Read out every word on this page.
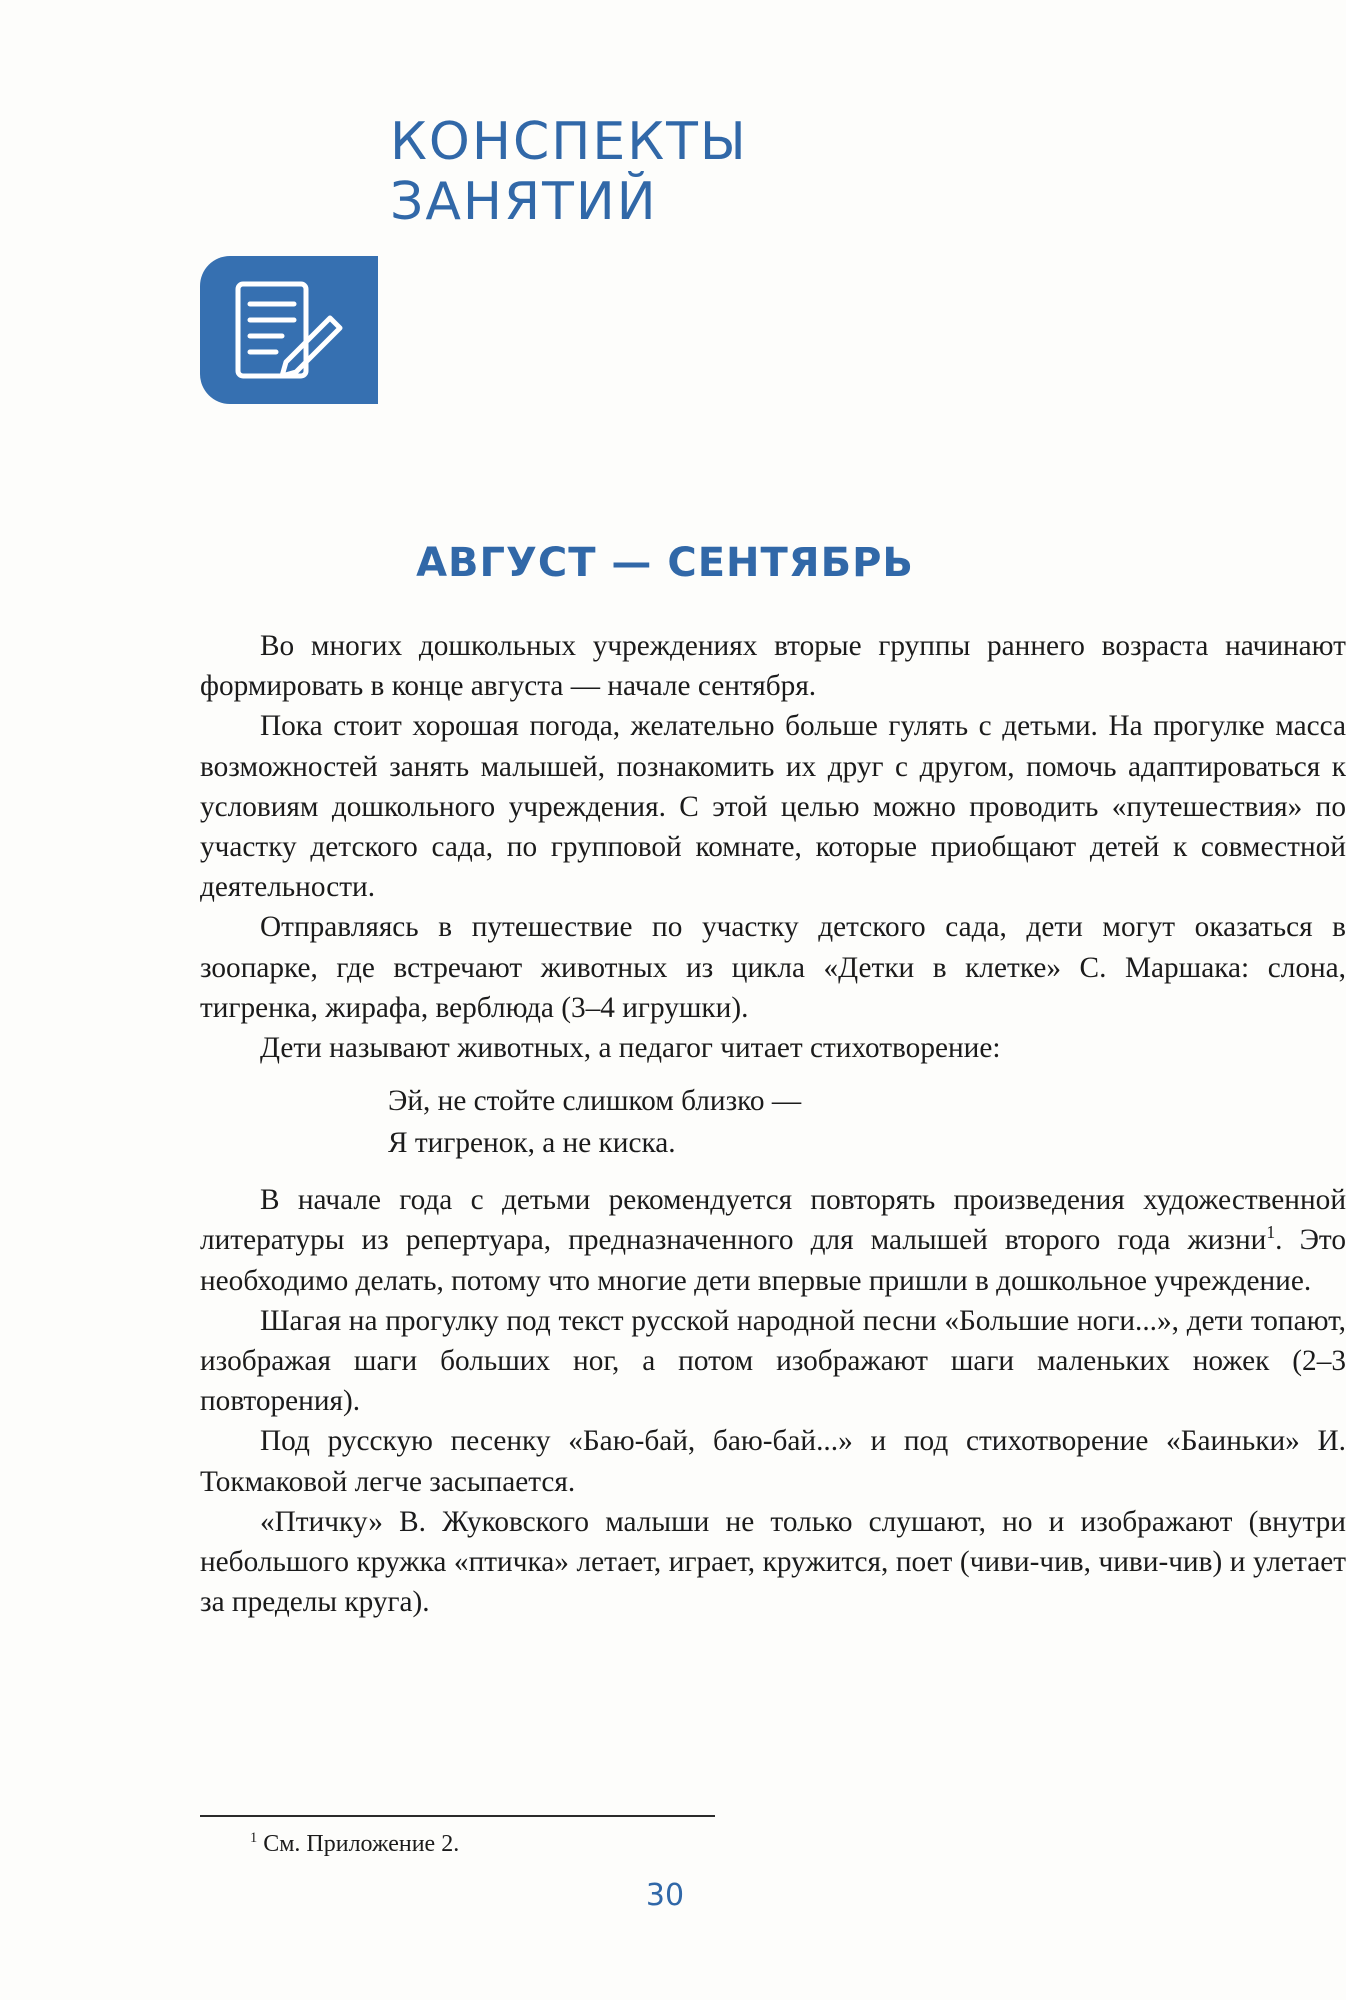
КОНСПЕКТЫ
ЗАНЯТИЙ
АВГУСТ — СЕНТЯБРЬ

Во многих дошкольных учреждениях вторые группы раннего возраста начинают формировать в конце августа — начале сентября.

Пока стоит хорошая погода, желательно больше гулять с детьми. На прогулке масса возможностей занять малышей, познакомить их друг с другом, помочь адаптироваться к условиям дошкольного учреждения. С этой целью можно проводить «путешествия» по участку детского сада, по групповой комнате, которые приобщают детей к совместной деятельности.

Отправляясь в путешествие по участку детского сада, дети могут оказаться в зоопарке, где встречают животных из цикла «Детки в клетке» С. Маршака: слона, тигренка, жирафа, верблюда (3–4 игрушки).

Дети называют животных, а педагог читает стихотворение:

Эй, не стойте слишком близко —
Я тигренок, а не киска.

В начале года с детьми рекомендуется повторять произведения художественной литературы из репертуара, предназначенного для малышей второго года жизни$^1$. Это необходимо делать, потому что многие дети впервые пришли в дошкольное учреждение.

Шагая на прогулку под текст русской народной песни «Большие ноги...», дети топают, изображая шаги больших ног, а потом изображают шаги маленьких ножек (2–3 повторения).

Под русскую песенку «Баю-бай, баю-бай...» и под стихотворение «Баиньки» И. Токмаковой легче засыпается.

«Птичку» В. Жуковского малыши не только слушают, но и изображают (внутри небольшого кружка «птичка» летает, играет, кружится, поет (чиви-чив, чиви-чив) и улетает за пределы круга).

$^1$ См. Приложение 2.
30
